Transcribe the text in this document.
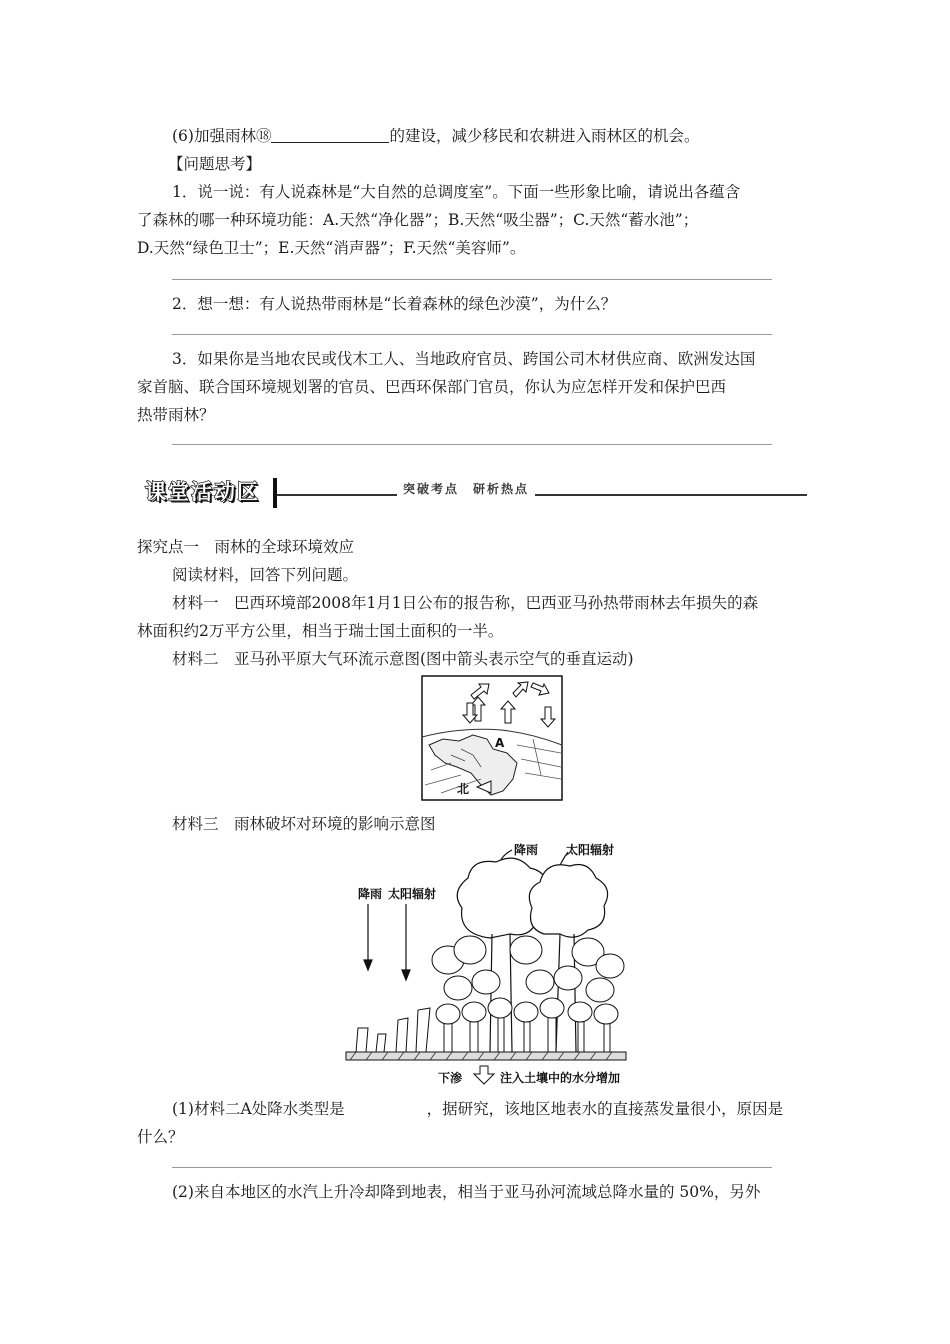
(6)加强雨林⑱	的建设，减少移民和农耕进入雨林区的机会。
【问题思考】
1．说一说：有人说森林是“大自然的总调度室”。下面一些形象比喻，请说出各蕴含
了森林的哪一种环境功能：A.天然“净化器”；B.天然“吸尘器”；C.天然“蓄水池”；
D.天然“绿色卫士”；E.天然“消声器”；F.天然“美容师”。
2．想一想：有人说热带雨林是“长着森林的绿色沙漠”，为什么？
3．如果你是当地农民或伐木工人、当地政府官员、跨国公司木材供应商、欧洲发达国
家首脑、联合国环境规划署的官员、巴西环保部门官员，你认为应怎样开发和保护巴西
热带雨林？
课堂活动区	突破考点　研析热点
探究点一　雨林的全球环境效应
阅读材料，回答下列问题。
材料一　巴西环境部2008年1月1日公布的报告称，巴西亚马孙热带雨林去年损失的森
林面积约2万平方公里，相当于瑞士国土面积的一半。
材料二　亚马孙平原大气环流示意图(图中箭头表示空气的垂直运动)
A
北
材料三　雨林破坏对环境的影响示意图
降雨 太阳辐射
降雨 太阳辐射
下渗	注入土壤中的水分增加
(1)材料二A处降水类型是	，据研究，该地区地表水的直接蒸发量很小，原因是
什么？
(2)来自本地区的水汽上升冷却降到地表，相当于亚马孙河流域总降水量的 50%，另外
